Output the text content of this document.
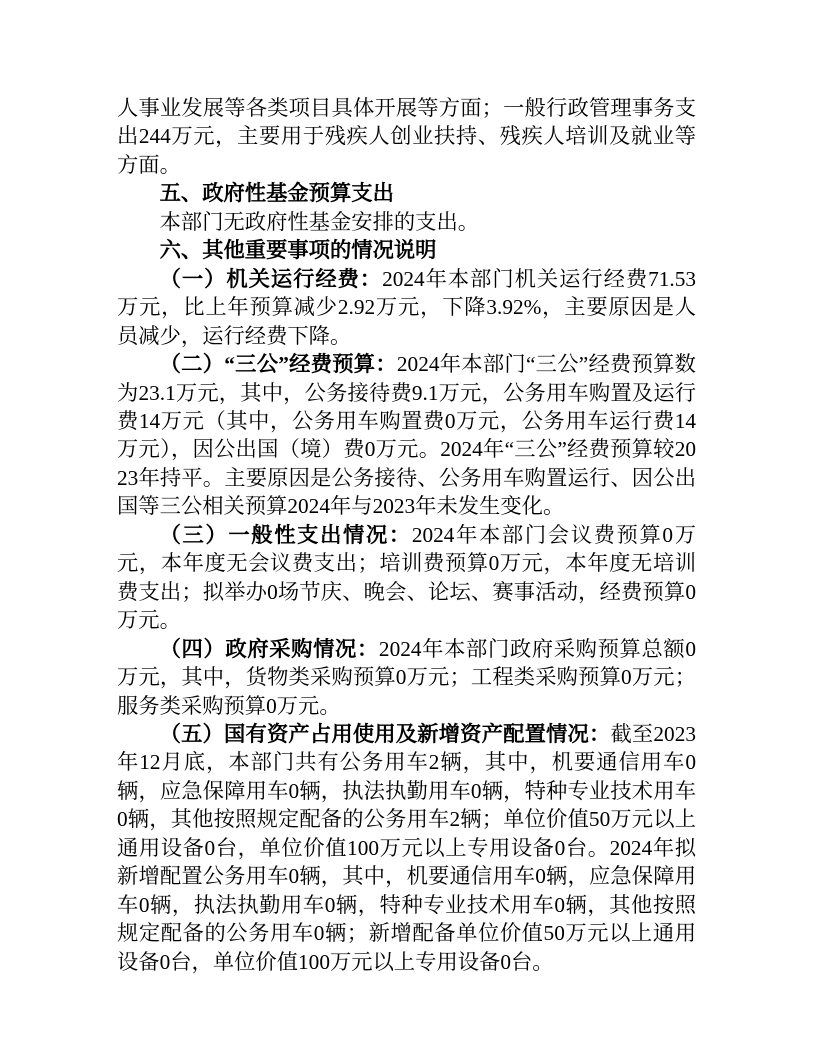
人事业发展等各类项目具体开展等方面；一般行政管理事务支出244万元，主要用于残疾人创业扶持、残疾人培训及就业等方面。

五、政府性基金预算支出

本部门无政府性基金安排的支出。

六、其他重要事项的情况说明

（一）机关运行经费：2024年本部门机关运行经费71.53万元，比上年预算减少2.92万元，下降3.92%，主要原因是人员减少，运行经费下降。

（二）“三公”经费预算：2024年本部门“三公”经费预算数为23.1万元，其中，公务接待费9.1万元，公务用车购置及运行费14万元（其中，公务用车购置费0万元，公务用车运行费14万元），因公出国（境）费0万元。2024年“三公”经费预算较2023年持平。主要原因是公务接待、公务用车购置运行、因公出国等三公相关预算2024年与2023年未发生变化。

（三）一般性支出情况：2024年本部门会议费预算0万元，本年度无会议费支出；培训费预算0万元，本年度无培训费支出；拟举办0场节庆、晚会、论坛、赛事活动，经费预算0万元。

（四）政府采购情况：2024年本部门政府采购预算总额0万元，其中，货物类采购预算0万元；工程类采购预算0万元；服务类采购预算0万元。

（五）国有资产占用使用及新增资产配置情况：截至2023年12月底，本部门共有公务用车2辆，其中，机要通信用车0辆，应急保障用车0辆，执法执勤用车0辆，特种专业技术用车0辆，其他按照规定配备的公务用车2辆；单位价值50万元以上通用设备0台，单位价值100万元以上专用设备0台。2024年拟新增配置公务用车0辆，其中，机要通信用车0辆，应急保障用车0辆，执法执勤用车0辆，特种专业技术用车0辆，其他按照规定配备的公务用车0辆；新增配备单位价值50万元以上通用设备0台，单位价值100万元以上专用设备0台。
